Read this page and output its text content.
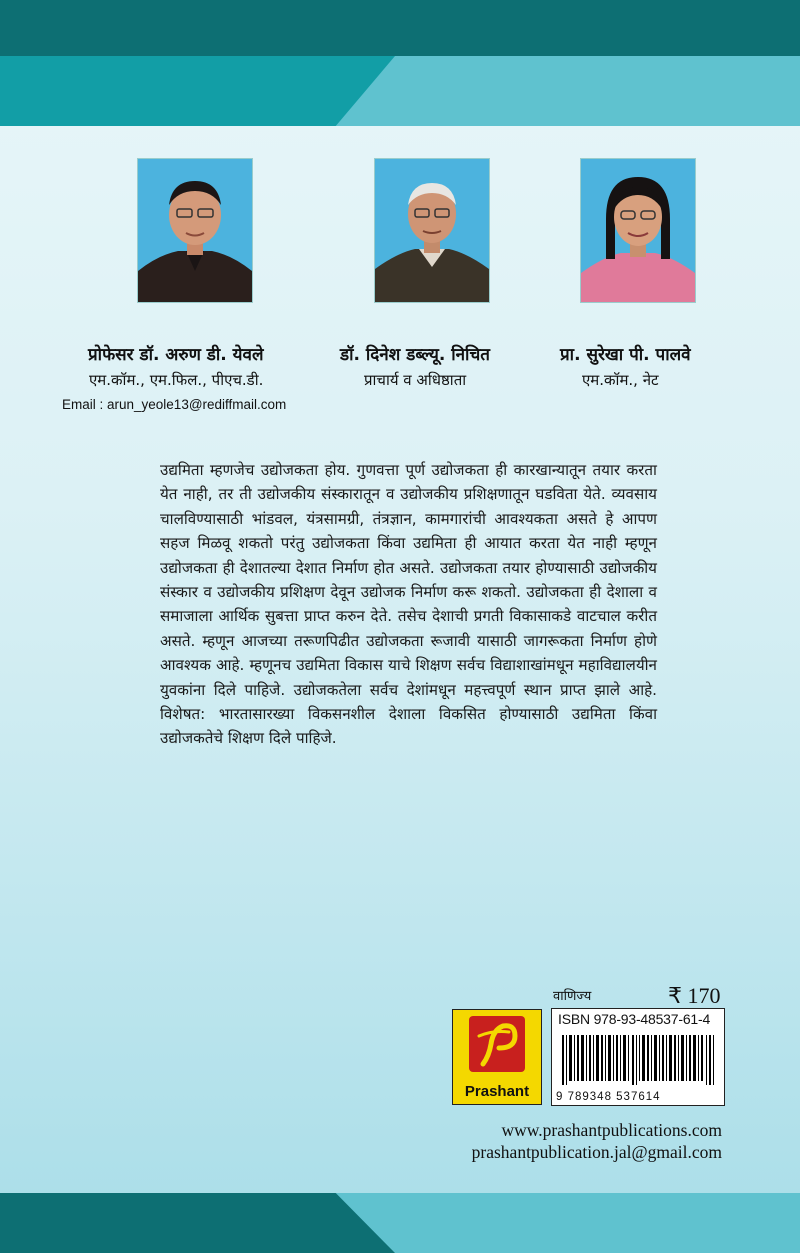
प्रोफेसर डॉ. अरुण डी. येवले
एम.कॉम., एम.फिल., पीएच.डी.
डॉ. दिनेश डब्ल्यू. निचित
प्राचार्य व अधिष्ठाता
प्रा. सुरेखा पी. पालवे
एम.कॉम., नेट
Email : arun_yeole13@rediffmail.com

उद्यमिता म्हणजेच उद्योजकता होय. गुणवत्ता पूर्ण उद्योजकता ही कारखान्यातून तयार करता येत नाही, तर ती उद्योजकीय संस्कारातून व उद्योजकीय प्रशिक्षणातून घडविता येते. व्यवसाय चालविण्यासाठी भांडवल, यंत्रसामग्री, तंत्रज्ञान, कामगारांची आवश्यकता असते हे आपण सहज मिळवू शकतो परंतु उद्योजकता किंवा उद्यमिता ही आयात करता येत नाही म्हणून उद्योजकता ही देशातल्या देशात निर्माण होत असते. उद्योजकता तयार होण्यासाठी उद्योजकीय संस्कार व उद्योजकीय प्रशिक्षण देवून उद्योजक निर्माण करू शकतो. उद्योजकता ही देशाला व समाजाला आर्थिक सुबत्ता प्राप्त करुन देते. तसेच देशाची प्रगती विकासाकडे वाटचाल करीत असते. म्हणून आजच्या तरूणपिढीत उद्योजकता रूजावी यासाठी जागरूकता निर्माण होणे आवश्यक आहे. म्हणूनच उद्यमिता विकास याचे शिक्षण सर्वच विद्याशाखांमधून महाविद्यालयीन युवकांना दिले पाहिजे. उद्योजकतेला सर्वच देशांमधून महत्त्वपूर्ण स्थान प्राप्त झाले आहे. विशेषत: भारतासारख्या विकसनशील देशाला विकसित होण्यासाठी उद्यमिता किंवा उद्योजकतेचे शिक्षण दिले पाहिजे.

वाणिज्य	₹ 170
Prashant
ISBN 978-93-48537-61-4
9 789348 537614
www.prashantpublications.com
prashantpublication.jal@gmail.com
